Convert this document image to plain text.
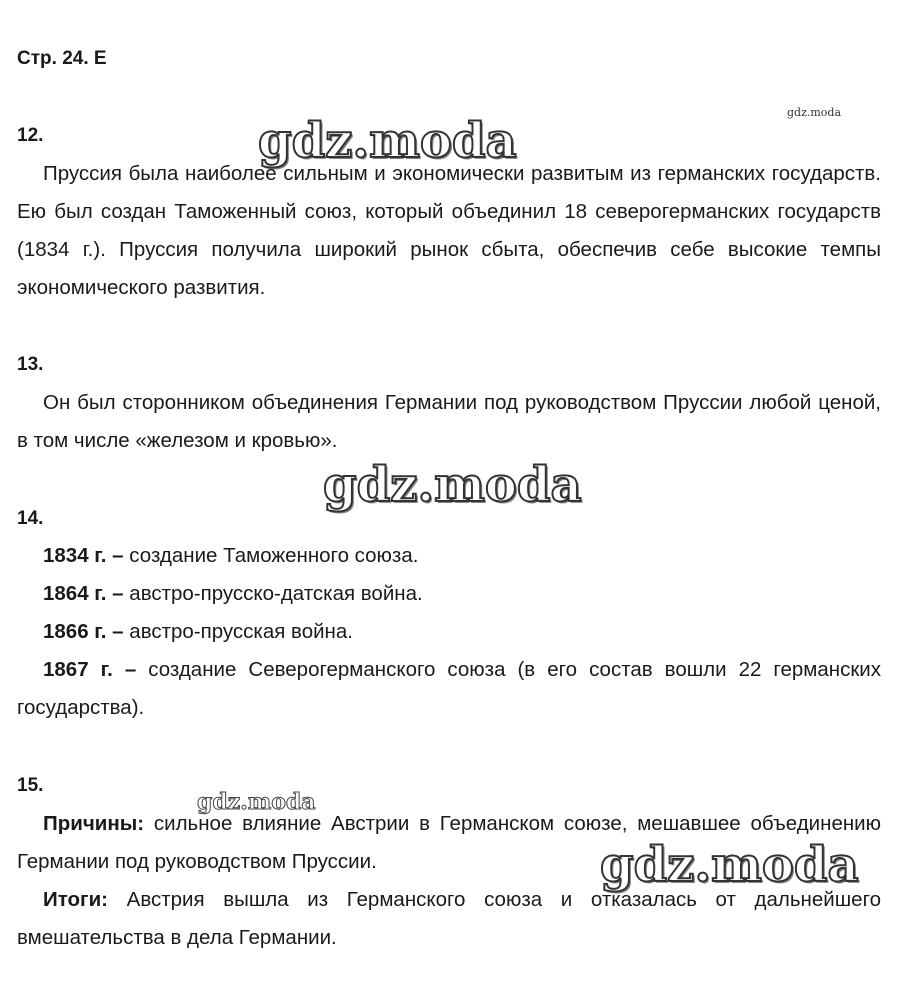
Стр. 24. Е
gdz.moda
gdz.moda
gdz.moda
gdz.moda
gdz.moda
12.

Пруссия была наиболее сильным и экономически развитым из германских государств. Ею был создан Таможенный союз, который объединил 18 северогерманских государств (1834 г.). Пруссия получила широкий рынок сбыта, обеспечив себе высокие темпы экономического развития.

13.

Он был сторонником объединения Германии под руководством Пруссии любой ценой, в том числе «железом и кровью».

14.
1834 г. – создание Таможенного союза.
1864 г. – австро-прусско-датская война.
1866 г. – австро-прусская война.

1867 г. – создание Северогерманского союза (в его состав вошли 22 германских государства).

15.

Причины: сильное влияние Австрии в Германском союзе, мешавшее объединению Германии под руководством Пруссии.

Итоги: Австрия вышла из Германского союза и отказалась от дальнейшего вмешательства в дела Германии.
